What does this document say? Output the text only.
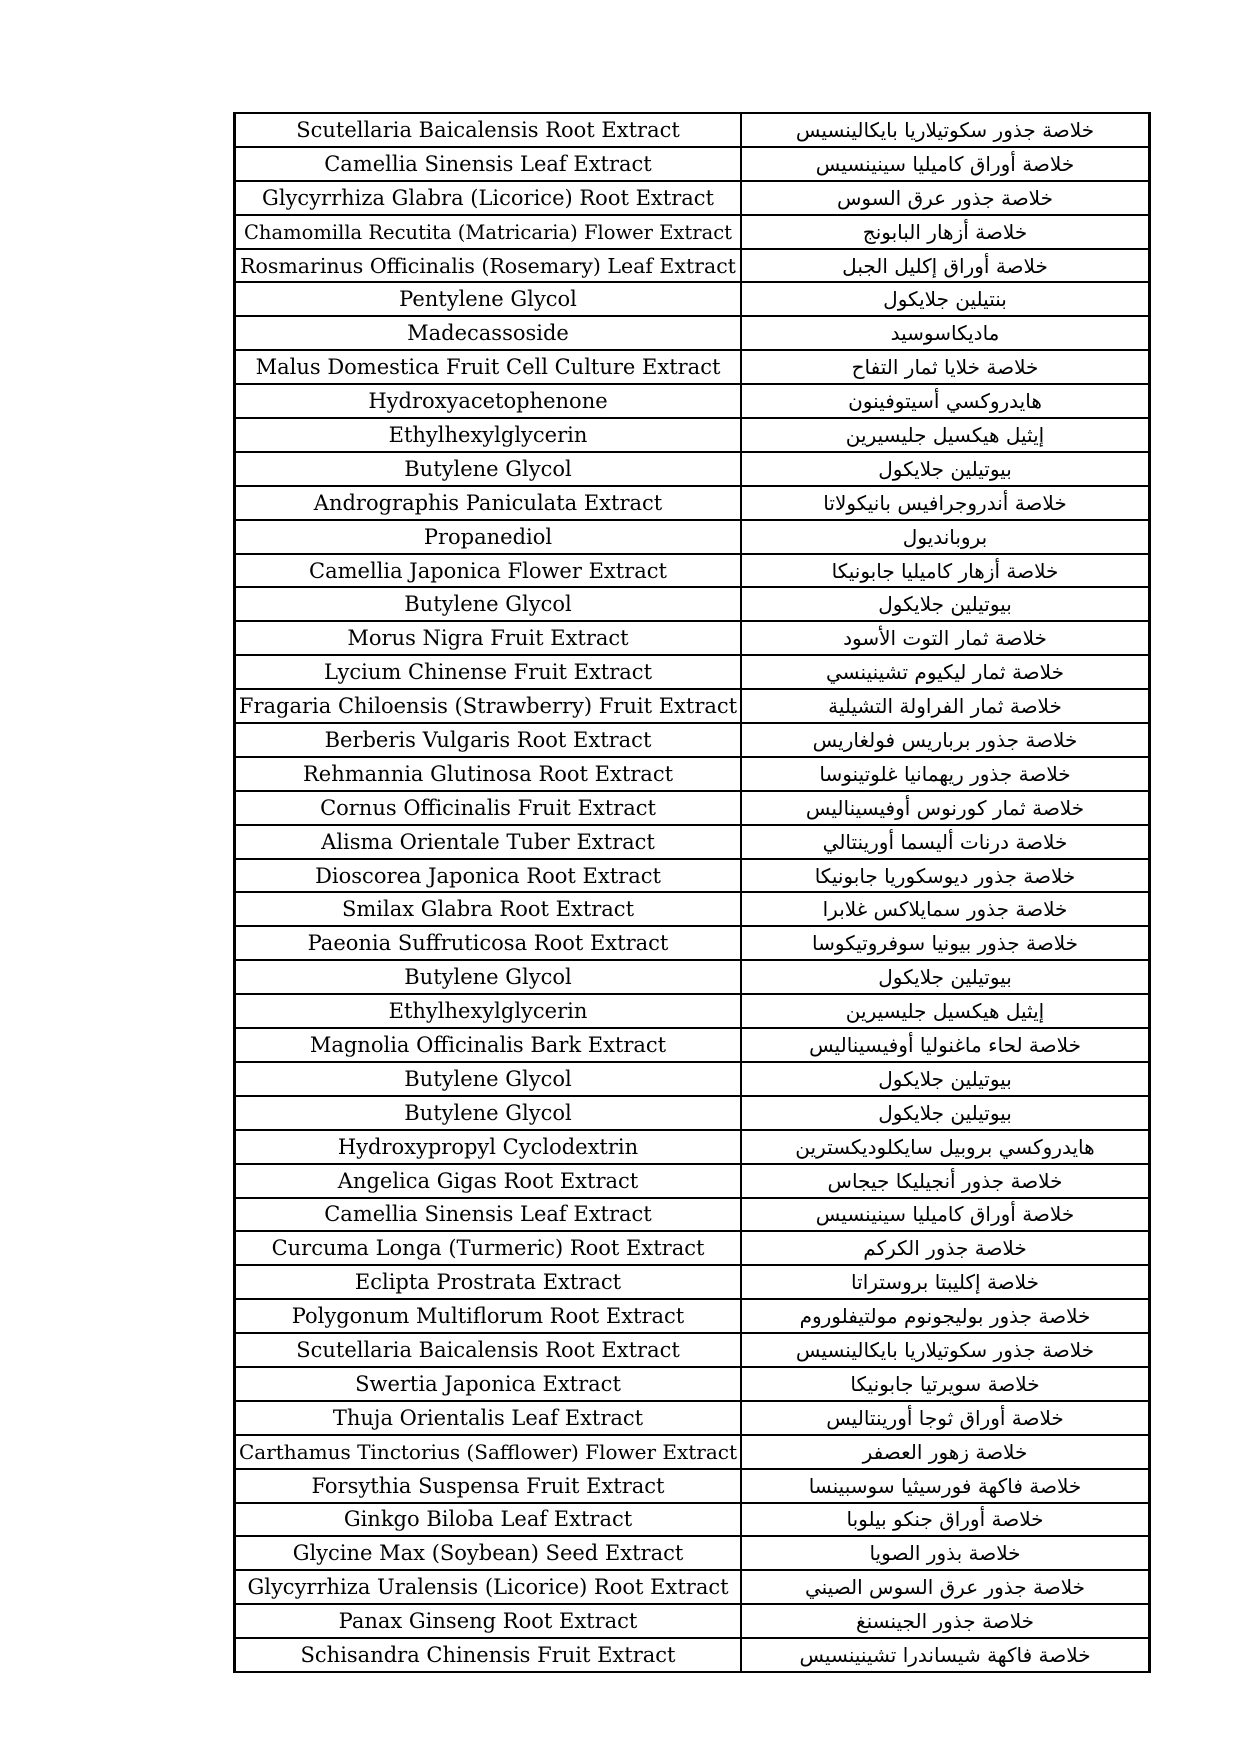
Scutellaria Baicalensis Root Extract	خلاصة جذور سكوتيلاريا بايكالينسيس
Camellia Sinensis Leaf Extract	خلاصة أوراق كاميليا سينينسيس
Glycyrrhiza Glabra (Licorice) Root Extract	خلاصة جذور عرق السوس
Chamomilla Recutita (Matricaria) Flower Extract	خلاصة أزهار البابونج
Rosmarinus Officinalis (Rosemary) Leaf Extract	خلاصة أوراق إكليل الجبل
Pentylene Glycol	بنتيلين جلايكول
Madecassoside	ماديكاسوسيد
Malus Domestica Fruit Cell Culture Extract	خلاصة خلايا ثمار التفاح
Hydroxyacetophenone	هايدروكسي أسيتوفينون
Ethylhexylglycerin	إيثيل هيكسيل جليسيرين
Butylene Glycol	بيوتيلين جلايكول
Andrographis Paniculata Extract	خلاصة أندروجرافيس بانيكولاتا
Propanediol	بروبانديول
Camellia Japonica Flower Extract	خلاصة أزهار كاميليا جابونيكا
Butylene Glycol	بيوتيلين جلايكول
Morus Nigra Fruit Extract	خلاصة ثمار التوت الأسود
Lycium Chinense Fruit Extract	خلاصة ثمار ليكيوم تشينينسي
Fragaria Chiloensis (Strawberry) Fruit Extract	خلاصة ثمار الفراولة التشيلية
Berberis Vulgaris Root Extract	خلاصة جذور برباريس فولغاريس
Rehmannia Glutinosa Root Extract	خلاصة جذور ريهمانيا غلوتينوسا
Cornus Officinalis Fruit Extract	خلاصة ثمار كورنوس أوفيسيناليس
Alisma Orientale Tuber Extract	خلاصة درنات أليسما أورينتالي
Dioscorea Japonica Root Extract	خلاصة جذور ديوسكوريا جابونيكا
Smilax Glabra Root Extract	خلاصة جذور سمايلاكس غلابرا
Paeonia Suffruticosa Root Extract	خلاصة جذور بيونيا سوفروتيكوسا
Butylene Glycol	بيوتيلين جلايكول
Ethylhexylglycerin	إيثيل هيكسيل جليسيرين
Magnolia Officinalis Bark Extract	خلاصة لحاء ماغنوليا أوفيسيناليس
Butylene Glycol	بيوتيلين جلايكول
Butylene Glycol	بيوتيلين جلايكول
Hydroxypropyl Cyclodextrin	هايدروكسي بروبيل سايكلوديكسترين
Angelica Gigas Root Extract	خلاصة جذور أنجيليكا جيجاس
Camellia Sinensis Leaf Extract	خلاصة أوراق كاميليا سينينسيس
Curcuma Longa (Turmeric) Root Extract	خلاصة جذور الكركم
Eclipta Prostrata Extract	خلاصة إكليبتا بروستراتا
Polygonum Multiflorum Root Extract	خلاصة جذور بوليجونوم مولتيفلوروم
Scutellaria Baicalensis Root Extract	خلاصة جذور سكوتيلاريا بايكالينسيس
Swertia Japonica Extract	خلاصة سويرتيا جابونيكا
Thuja Orientalis Leaf Extract	خلاصة أوراق ثوجا أورينتاليس
Carthamus Tinctorius (Safflower) Flower Extract	خلاصة زهور العصفر
Forsythia Suspensa Fruit Extract	خلاصة فاكهة فورسيثيا سوسبينسا
Ginkgo Biloba Leaf Extract	خلاصة أوراق جنكو بيلوبا
Glycine Max (Soybean) Seed Extract	خلاصة بذور الصويا
Glycyrrhiza Uralensis (Licorice) Root Extract	خلاصة جذور عرق السوس الصيني
Panax Ginseng Root Extract	خلاصة جذور الجينسنغ
Schisandra Chinensis Fruit Extract	خلاصة فاكهة شيساندرا تشينينسيس
